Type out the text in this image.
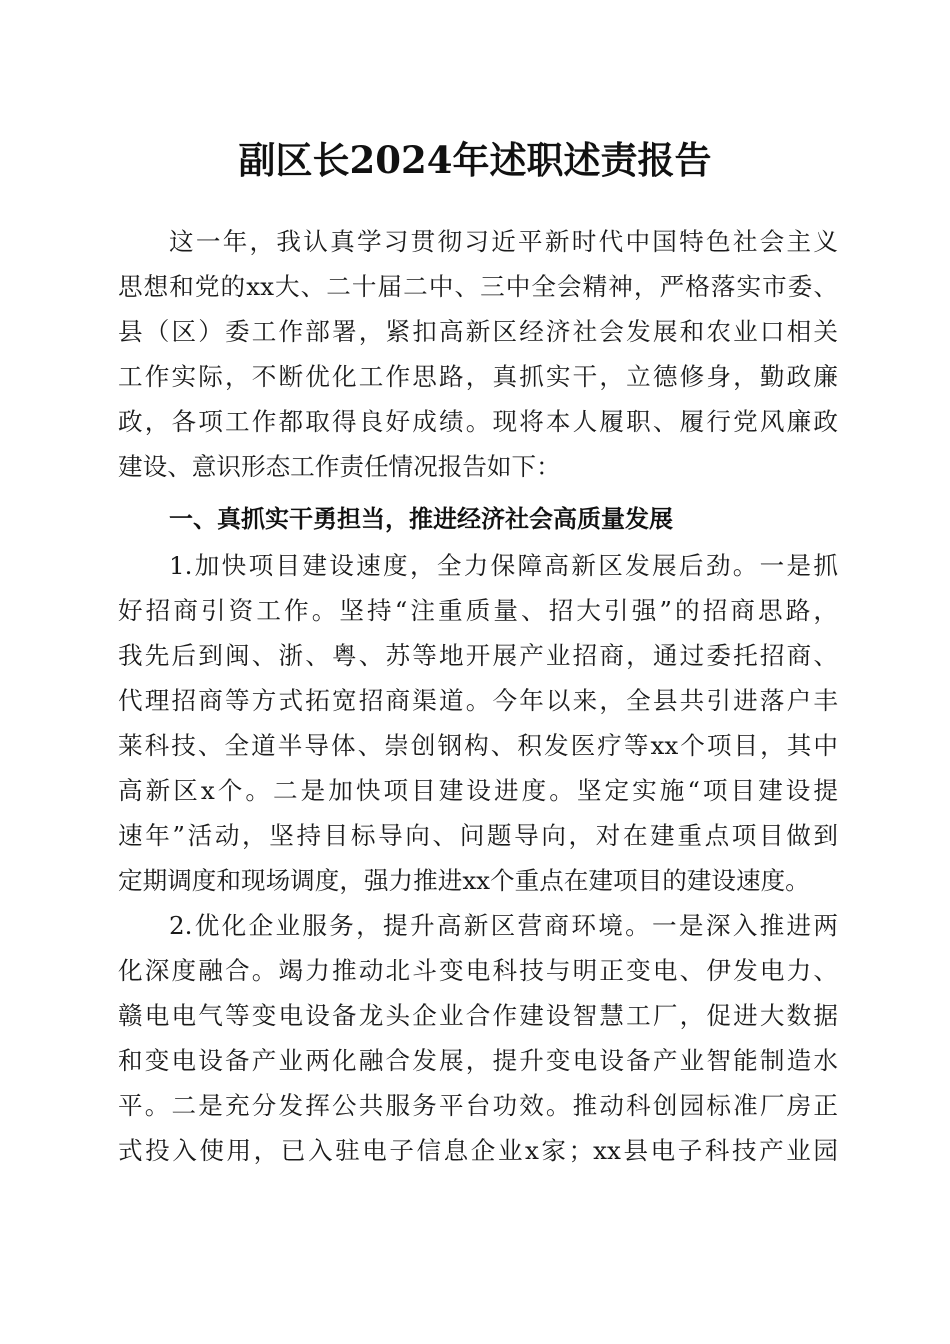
副区长2024年述职述责报告
这一年，我认真学习贯彻习近平新时代中国特色社会主义
思想和党的xx大、二十届二中、三中全会精神，严格落实市委、
县（区）委工作部署，紧扣高新区经济社会发展和农业口相关
工作实际，不断优化工作思路，真抓实干，立德修身，勤政廉
政，各项工作都取得良好成绩。现将本人履职、履行党风廉政
建设、意识形态工作责任情况报告如下：
一、真抓实干勇担当，推进经济社会高质量发展
1.加快项目建设速度，全力保障高新区发展后劲。一是抓
好招商引资工作。坚持“注重质量、招大引强”的招商思路，
我先后到闽、浙、粤、苏等地开展产业招商，通过委托招商、
代理招商等方式拓宽招商渠道。今年以来，全县共引进落户丰
莱科技、全道半导体、崇创钢构、积发医疗等xx个项目，其中
高新区x个。二是加快项目建设进度。坚定实施“项目建设提
速年”活动，坚持目标导向、问题导向，对在建重点项目做到
定期调度和现场调度，强力推进xx个重点在建项目的建设速度。
2.优化企业服务，提升高新区营商环境。一是深入推进两
化深度融合。竭力推动北斗变电科技与明正变电、伊发电力、
赣电电气等变电设备龙头企业合作建设智慧工厂，促进大数据
和变电设备产业两化融合发展，提升变电设备产业智能制造水
平。二是充分发挥公共服务平台功效。推动科创园标准厂房正
式投入使用，已入驻电子信息企业x家；xx县电子科技产业园
